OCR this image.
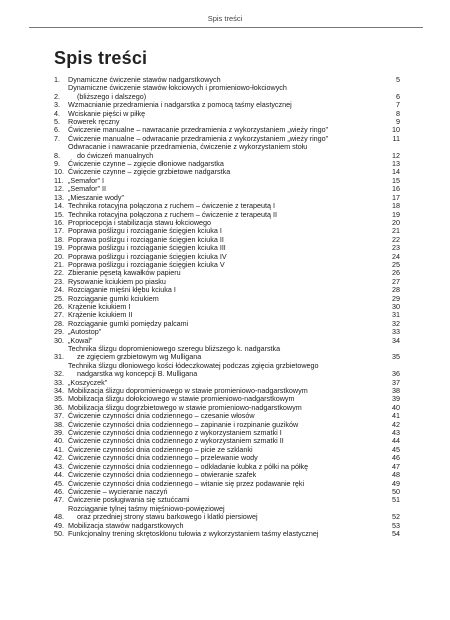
Spis treści
Spis treści
1.	Dynamiczne ćwiczenie stawów nadgarstkowych	5
2.
Dynamiczne ćwiczenie stawów łokciowych i promieniowo-łokciowych
(bliższego i dalszego)	6
3.	Wzmacnianie przedramienia i nadgarstka z pomocą taśmy elastycznej	7
4.	Wciskanie pięści w piłkę	8
5.	Rowerek ręczny	9
6.	Ćwiczenie manualne – nawracanie przedramienia z wykorzystaniem „wieży ringo”	10
7.	Ćwiczenie manualne – odwracanie przedramienia z wykorzystaniem „wieży ringo”	11
8.
Odwracanie i nawracanie przedramienia, ćwiczenie z wykorzystaniem stołu
do ćwiczeń manualnych	12
9.	Ćwiczenie czynne – zgięcie dłoniowe nadgarstka	13
10. Ćwiczenie czynne – zgięcie grzbietowe nadgarstka	14
11. „Semafor” I	15
12. „Semafor” II	16
13. „Mieszanie wody”	17
14. Technika rotacyjna połączona z ruchem – ćwiczenie z terapeutą I	18
15. Technika rotacyjna połączona z ruchem – ćwiczenie z terapeutą II	19
16. Propriocepcja i stabilizacja stawu łokciowego	20
17. Poprawa poślizgu i rozciąganie ścięgien kciuka I	21
18. Poprawa poślizgu i rozciąganie ścięgien kciuka II	22
19. Poprawa poślizgu i rozciąganie ścięgien kciuka III	23
20. Poprawa poślizgu i rozciąganie ścięgien kciuka IV	24
21. Poprawa poślizgu i rozciąganie ścięgien kciuka V	25
22. Zbieranie pęsetą kawałków papieru	26
23. Rysowanie kciukiem po piasku	27
24. Rozciąganie mięśni kłębu kciuka I	28
25. Rozciąganie gumki kciukiem	29
26. Krążenie kciukiem I	30
27. Krążenie kciukiem II	31
28. Rozciąganie gumki pomiędzy palcami	32
29. „Autostop”	33
30. „Kowal”	34
31.
Technika ślizgu dopromieniowego szeregu bliższego k. nadgarstka
ze zgięciem grzbietowym wg Mulligana	35
32.
Technika ślizgu dłoniowego kości łódeczkowatej podczas zgięcia grzbietowego
nadgarstka wg koncepcji B. Mulligana	36
33. „Koszyczek”	37
34. Mobilizacja ślizgu dopromieniowego w stawie promieniowo-nadgarstkowym	38
35. Mobilizacja ślizgu dołokciowego w stawie promieniowo-nadgarstkowym	39
36. Mobilizacja ślizgu dogrzbietowego w stawie promieniowo-nadgarstkowym	40
37. Ćwiczenie czynności dnia codziennego – czesanie włosów	41
38. Ćwiczenie czynności dnia codziennego – zapinanie i rozpinanie guzików	42
39. Ćwiczenie czynności dnia codziennego z wykorzystaniem szmatki I	43
40. Ćwiczenie czynności dnia codziennego z wykorzystaniem szmatki II	44
41. Ćwiczenie czynności dnia codziennego – picie ze szklanki	45
42. Ćwiczenie czynności dnia codziennego – przelewanie wody	46
43. Ćwiczenie czynności dnia codziennego – odkładanie kubka z półki na półkę	47
44. Ćwiczenie czynności dnia codziennego – otwieranie szafek	48
45. Ćwiczenie czynności dnia codziennego – witanie się przez podawanie ręki	49
46. Ćwiczenie – wycieranie naczyń	50
47. Ćwiczenie posługiwania się sztućcami	51
48.
Rozciąganie tylnej taśmy mięśniowo-powięziowej
oraz przedniej strony stawu barkowego i klatki piersiowej	52
49. Mobilizacja stawów nadgarstkowych	53
50. Funkcjonalny trening skrętoskłonu tułowia z wykorzystaniem taśmy elastycznej	54
